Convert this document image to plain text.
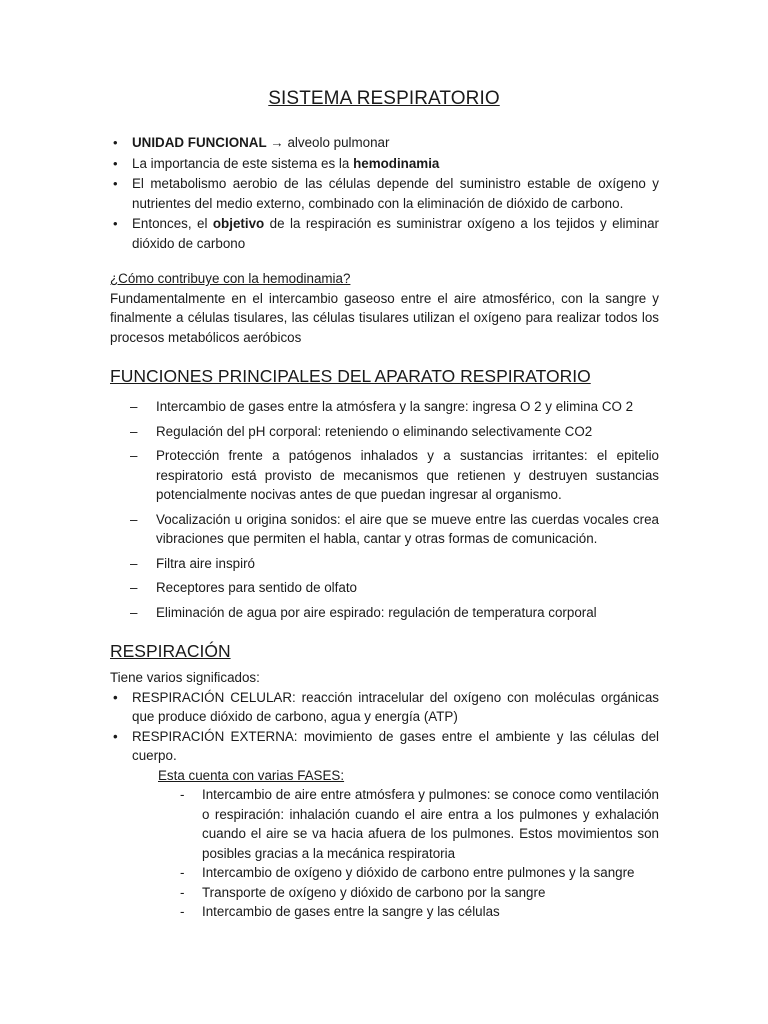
SISTEMA RESPIRATORIO
• UNIDAD FUNCIONAL → alveolo pulmonar
• La importancia de este sistema es la hemodinamia
• El metabolismo aerobio de las células depende del suministro estable de oxígeno y nutrientes del medio externo, combinado con la eliminación de dióxido de carbono.
• Entonces, el objetivo de la respiración es suministrar oxígeno a los tejidos y eliminar dióxido de carbono
¿Cómo contribuye con la hemodinamia?
Fundamentalmente en el intercambio gaseoso entre el aire atmosférico, con la sangre y finalmente a células tisulares, las células tisulares utilizan el oxígeno para realizar todos los procesos metabólicos aeróbicos
FUNCIONES PRINCIPALES DEL APARATO RESPIRATORIO
– Intercambio de gases entre la atmósfera y la sangre: ingresa O 2 y elimina CO 2
– Regulación del pH corporal: reteniendo o eliminando selectivamente CO2
– Protección frente a patógenos inhalados y a sustancias irritantes: el epitelio respiratorio está provisto de mecanismos que retienen y destruyen sustancias potencialmente nocivas antes de que puedan ingresar al organismo.
– Vocalización u origina sonidos: el aire que se mueve entre las cuerdas vocales crea vibraciones que permiten el habla, cantar y otras formas de comunicación.
– Filtra aire inspiró
– Receptores para sentido de olfato
– Eliminación de agua por aire espirado: regulación de temperatura corporal
RESPIRACIÓN
Tiene varios significados:
• RESPIRACIÓN CELULAR: reacción intracelular del oxígeno con moléculas orgánicas que produce dióxido de carbono, agua y energía (ATP)
• RESPIRACIÓN EXTERNA: movimiento de gases entre el ambiente y las células del cuerpo.
Esta cuenta con varias FASES:
- Intercambio de aire entre atmósfera y pulmones: se conoce como ventilación o respiración: inhalación cuando el aire entra a los pulmones y exhalación cuando el aire se va hacia afuera de los pulmones. Estos movimientos son posibles gracias a la mecánica respiratoria
- Intercambio de oxígeno y dióxido de carbono entre pulmones y la sangre
- Transporte de oxígeno y dióxido de carbono por la sangre
- Intercambio de gases entre la sangre y las células
